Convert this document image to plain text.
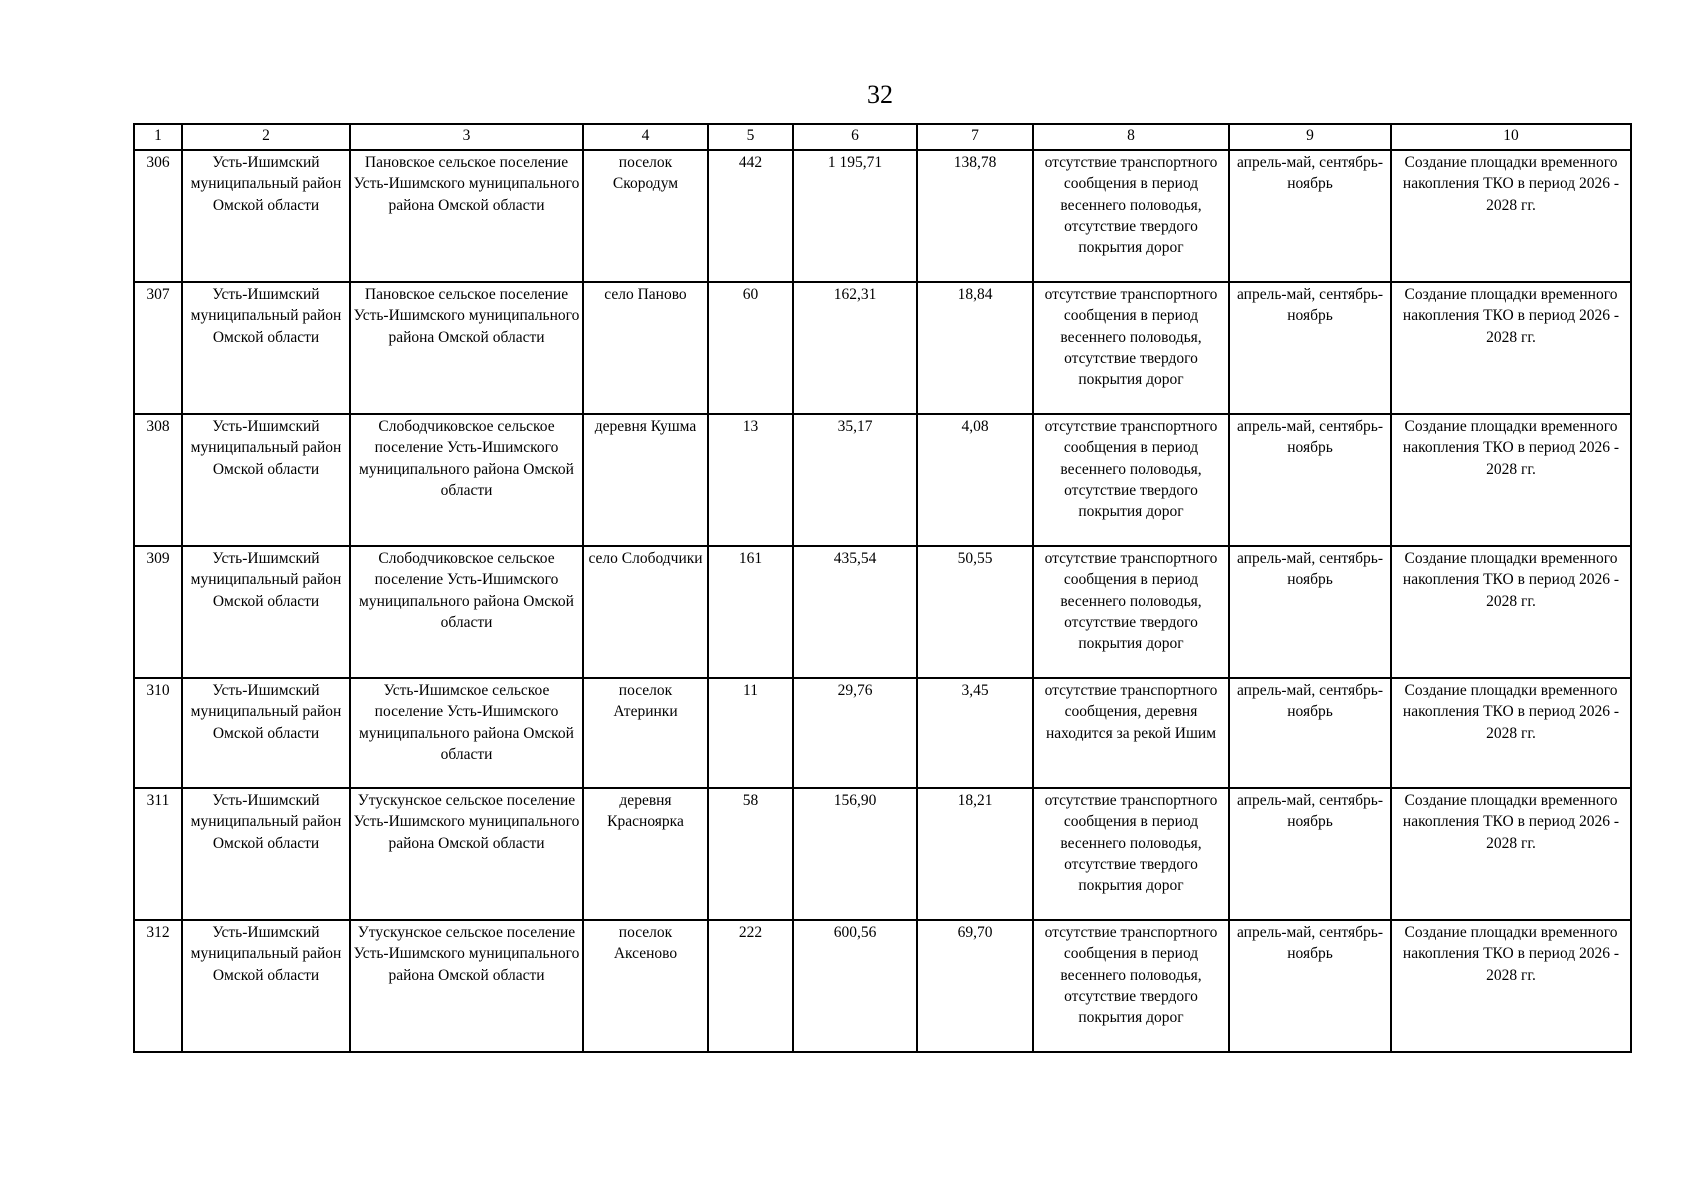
32
1	2	3	4	5	6	7	8	9	10
306	Усть-Ишимский муниципальный район Омской области	Пановское сельское поселение Усть-Ишимского муниципального района Омской области	поселок Скородум	442	1 195,71	138,78	отсутствие транспортного сообщения в период весеннего половодья, отсутствие твердого покрытия дорог	апрель-май, сентябрь-ноябрь	Создание площадки временного накопления ТКО в период 2026 - 2028 гг.
307	Усть-Ишимский муниципальный район Омской области	Пановское сельское поселение Усть-Ишимского муниципального района Омской области	село Паново	60	162,31	18,84	отсутствие транспортного сообщения в период весеннего половодья, отсутствие твердого покрытия дорог	апрель-май, сентябрь-ноябрь	Создание площадки временного накопления ТКО в период 2026 - 2028 гг.
308	Усть-Ишимский муниципальный район Омской области	Слободчиковское сельское поселение Усть-Ишимского муниципального района Омской области	деревня Кушма	13	35,17	4,08	отсутствие транспортного сообщения в период весеннего половодья, отсутствие твердого покрытия дорог	апрель-май, сентябрь-ноябрь	Создание площадки временного накопления ТКО в период 2026 - 2028 гг.
309	Усть-Ишимский муниципальный район Омской области	Слободчиковское сельское поселение Усть-Ишимского муниципального района Омской области	село Слободчики	161	435,54	50,55	отсутствие транспортного сообщения в период весеннего половодья, отсутствие твердого покрытия дорог	апрель-май, сентябрь-ноябрь	Создание площадки временного накопления ТКО в период 2026 - 2028 гг.
310	Усть-Ишимский муниципальный район Омской области	Усть-Ишимское сельское поселение Усть-Ишимского муниципального района Омской области	поселок Атеринки	11	29,76	3,45	отсутствие транспортного сообщения, деревня находится за рекой Ишим	апрель-май, сентябрь-ноябрь	Создание площадки временного накопления ТКО в период 2026 - 2028 гг.
311	Усть-Ишимский муниципальный район Омской области	Утускунское сельское поселение Усть-Ишимского муниципального района Омской области	деревня Красноярка	58	156,90	18,21	отсутствие транспортного сообщения в период весеннего половодья, отсутствие твердого покрытия дорог	апрель-май, сентябрь-ноябрь	Создание площадки временного накопления ТКО в период 2026 - 2028 гг.
312	Усть-Ишимский муниципальный район Омской области	Утускунское сельское поселение Усть-Ишимского муниципального района Омской области	поселок Аксеново	222	600,56	69,70	отсутствие транспортного сообщения в период весеннего половодья, отсутствие твердого покрытия дорог	апрель-май, сентябрь-ноябрь	Создание площадки временного накопления ТКО в период 2026 - 2028 гг.
